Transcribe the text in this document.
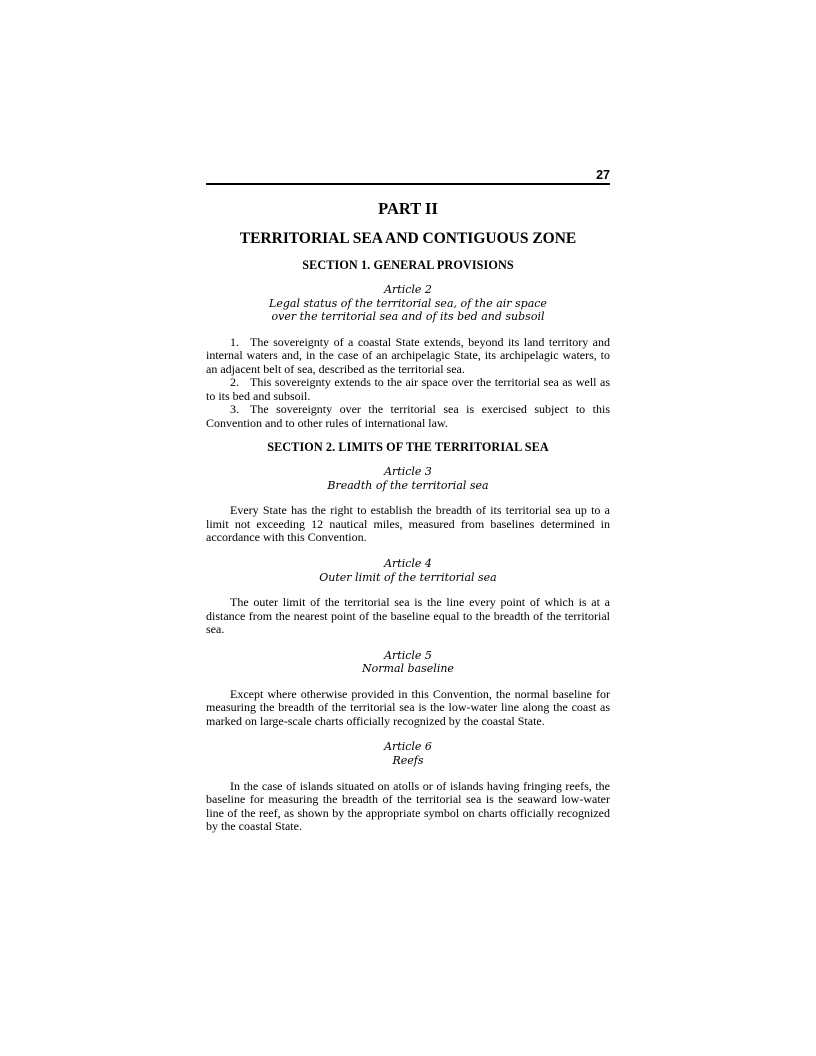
27

PART II
TERRITORIAL SEA AND CONTIGUOUS ZONE
SECTION 1. GENERAL PROVISIONS
Article 2
Legal status of the territorial sea, of the air space
over the territorial sea and of its bed and subsoil

1. The sovereignty of a coastal State extends, beyond its land territory and internal waters and, in the case of an archipelagic State, its archipelagic waters, to an adjacent belt of sea, described as the territorial sea.

2. This sovereignty extends to the air space over the territorial sea as well as to its bed and subsoil.

3. The sovereignty over the territorial sea is exercised subject to this Convention and to other rules of international law.

SECTION 2. LIMITS OF THE TERRITORIAL SEA
Article 3
Breadth of the territorial sea

Every State has the right to establish the breadth of its territorial sea up to a limit not exceeding 12 nautical miles, measured from baselines determined in accordance with this Convention.

Article 4
Outer limit of the territorial sea

The outer limit of the territorial sea is the line every point of which is at a distance from the nearest point of the baseline equal to the breadth of the territorial sea.

Article 5
Normal baseline

Except where otherwise provided in this Convention, the normal baseline for measuring the breadth of the territorial sea is the low-water line along the coast as marked on large-scale charts officially recognized by the coastal State.

Article 6
Reefs

In the case of islands situated on atolls or of islands having fringing reefs, the baseline for measuring the breadth of the territorial sea is the seaward low-water line of the reef, as shown by the appropriate symbol on charts officially recognized by the coastal State.
